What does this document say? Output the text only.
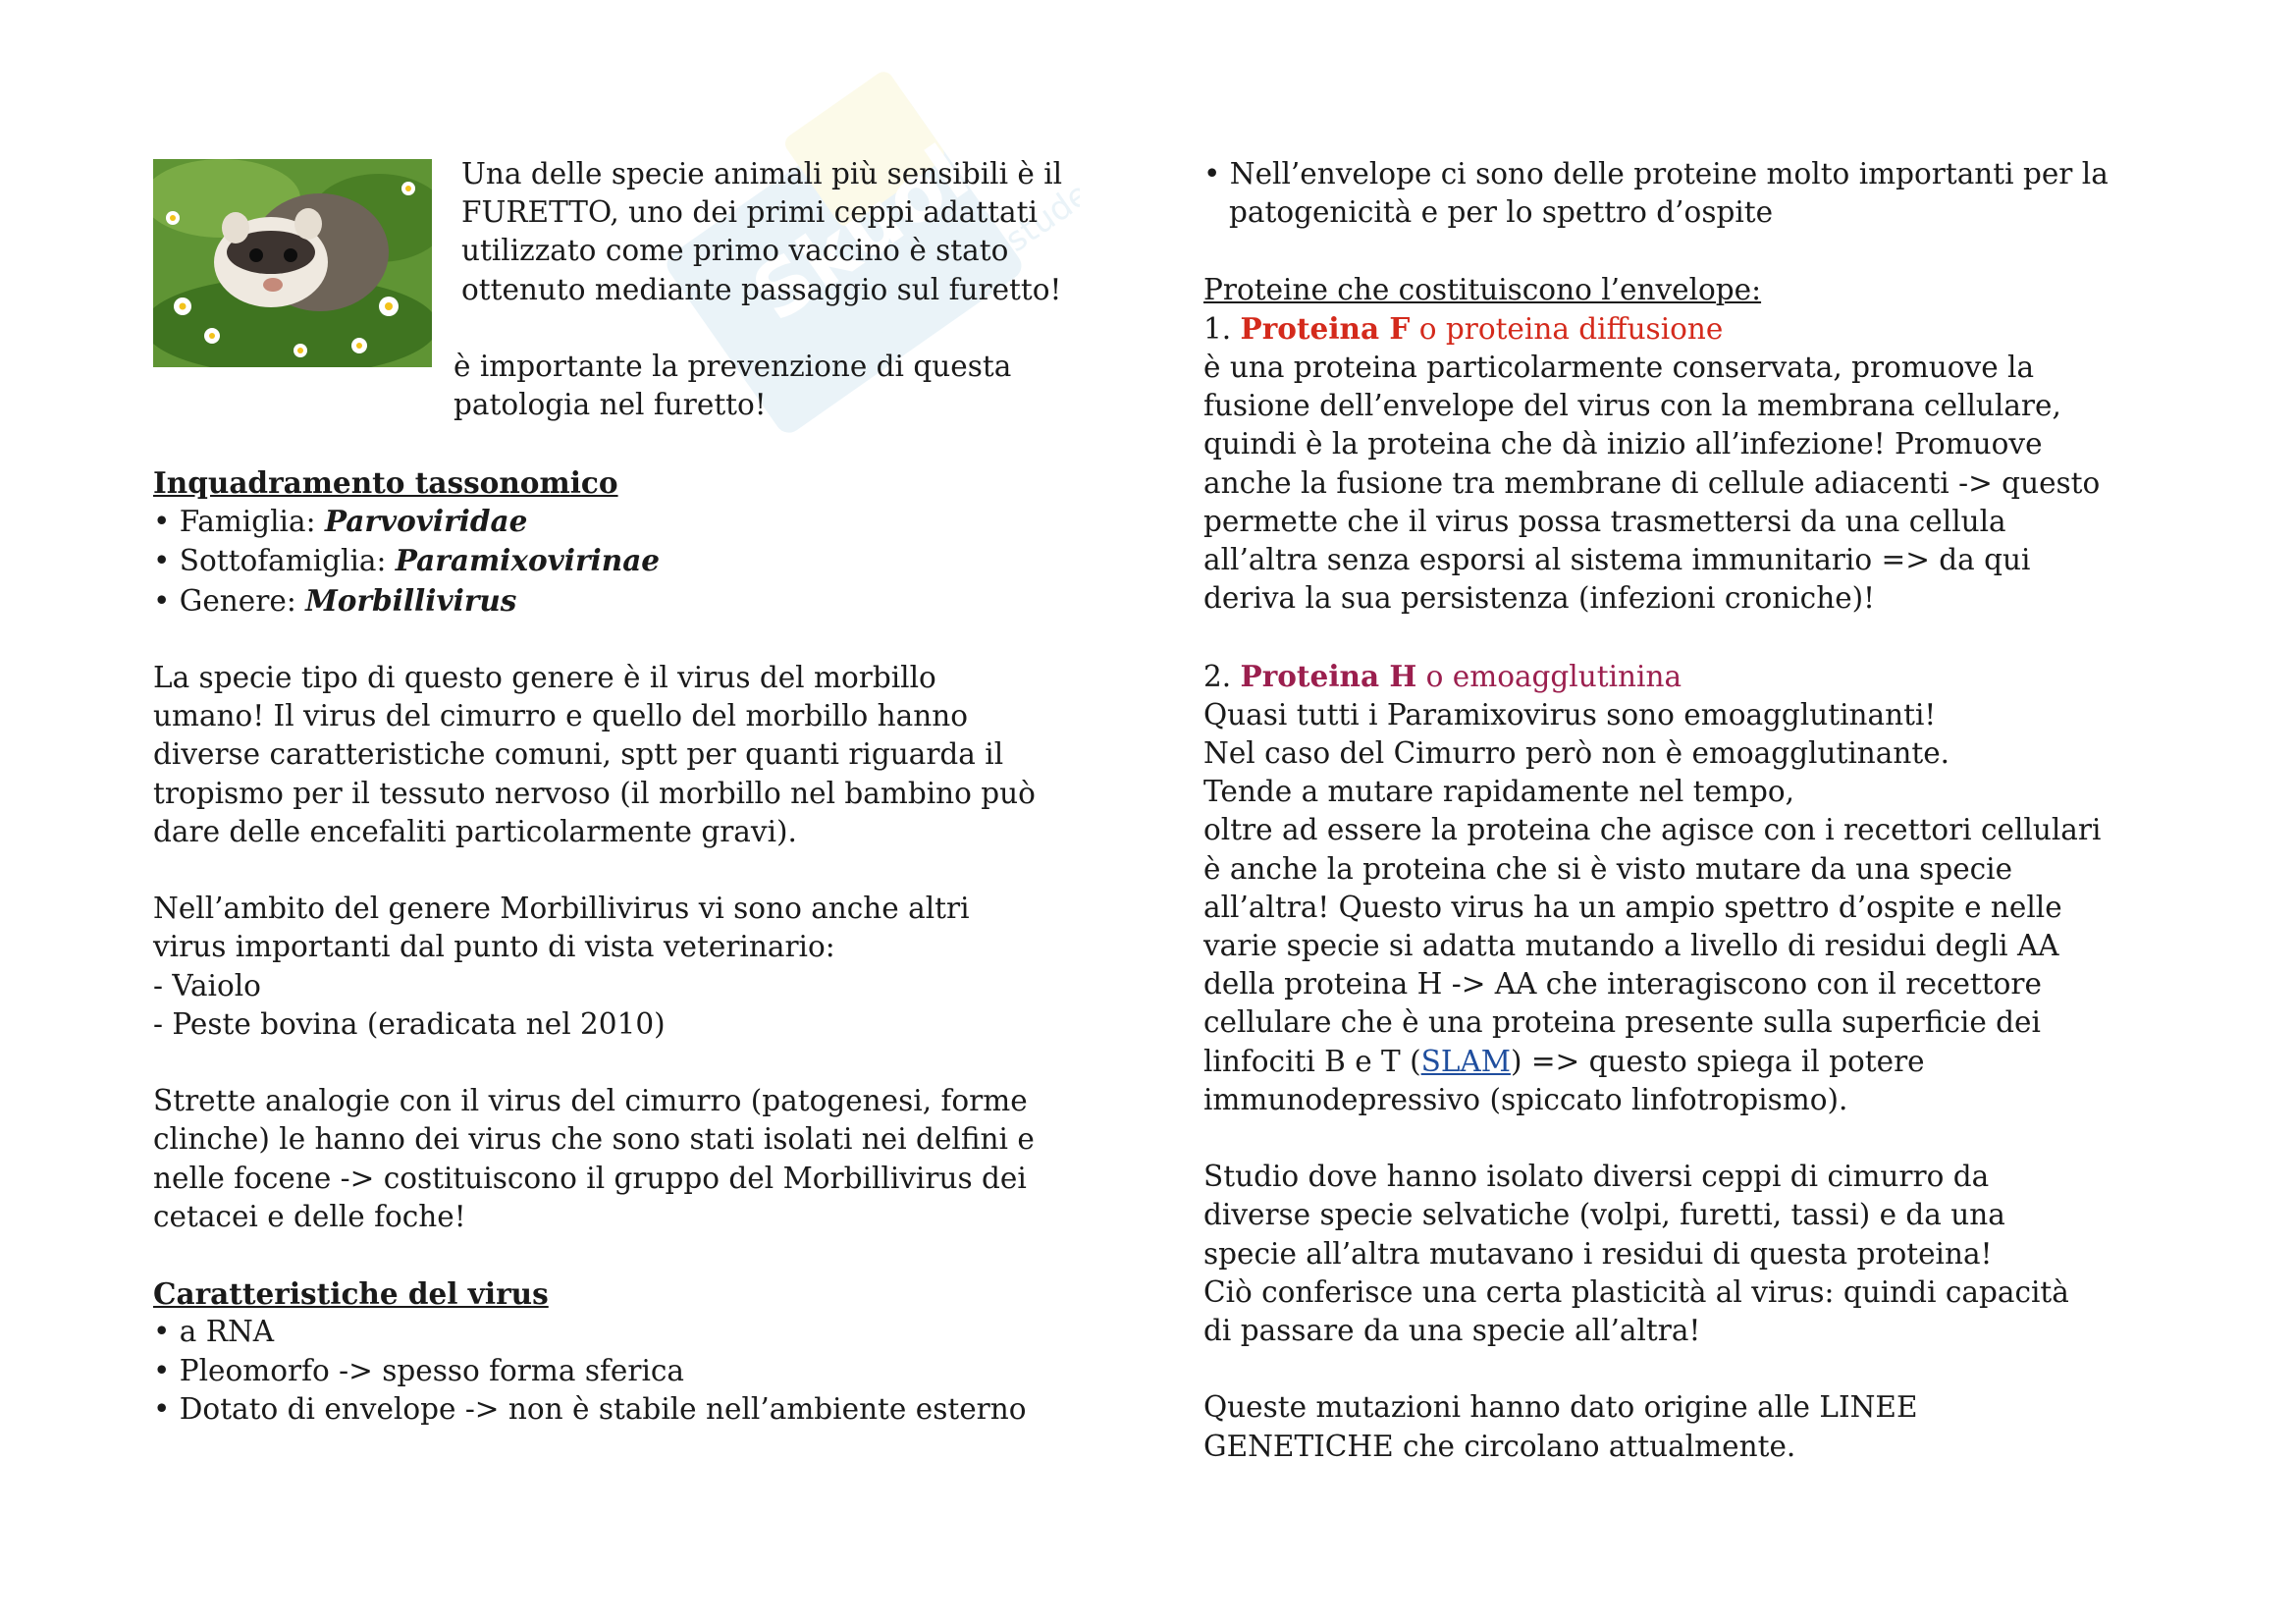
Skuola.net
il paradiso dello studente

Una delle specie animali più sensibili è il

FURETTO, uno dei primi ceppi adattati

utilizzato come primo vaccino è stato

ottenuto mediante passaggio sul furetto!

è importante la prevenzione di questa

patologia nel furetto!

Inquadramento tassonomico

• Famiglia: Parvoviridae

• Sottofamiglia: Paramixovirinae

• Genere: Morbillivirus

La specie tipo di questo genere è il virus del morbillo

umano! Il virus del cimurro e quello del morbillo hanno

diverse caratteristiche comuni, sptt per quanti riguarda il

tropismo per il tessuto nervoso (il morbillo nel bambino può

dare delle encefaliti particolarmente gravi).

Nell’ambito del genere Morbillivirus vi sono anche altri

virus importanti dal punto di vista veterinario:

- Vaiolo

- Peste bovina (eradicata nel 2010)

Strette analogie con il virus del cimurro (patogenesi, forme

clinche) le hanno dei virus che sono stati isolati nei delfini e

nelle focene -> costituiscono il gruppo del Morbillivirus dei

cetacei e delle foche!

Caratteristiche del virus

• a RNA

• Pleomorfo -> spesso forma sferica

• Dotato di envelope -> non è stabile nell’ambiente esterno

• Nell’envelope ci sono delle proteine molto importanti per la patogenicità e per lo spettro d’ospite

Proteine che costituiscono l’envelope:

1. Proteina F o proteina diffusione

è una proteina particolarmente conservata, promuove la

fusione dell’envelope del virus con la membrana cellulare,

quindi è la proteina che dà inizio all’infezione! Promuove

anche la fusione tra membrane di cellule adiacenti -> questo

permette che il virus possa trasmettersi da una cellula

all’altra senza esporsi al sistema immunitario => da qui

deriva la sua persistenza (infezioni croniche)!

2. Proteina H o emoagglutinina

Quasi tutti i Paramixovirus sono emoagglutinanti!

Nel caso del Cimurro però non è emoagglutinante.

Tende a mutare rapidamente nel tempo,

oltre ad essere la proteina che agisce con i recettori cellulari

è anche la proteina che si è visto mutare da una specie

all’altra! Questo virus ha un ampio spettro d’ospite e nelle

varie specie si adatta mutando a livello di residui degli AA

della proteina H -> AA che interagiscono con il recettore

cellulare che è una proteina presente sulla superficie dei

linfociti B e T (SLAM) => questo spiega il potere

immunodepressivo (spiccato linfotropismo).

Studio dove hanno isolato diversi ceppi di cimurro da

diverse specie selvatiche (volpi, furetti, tassi) e da una

specie all’altra mutavano i residui di questa proteina!

Ciò conferisce una certa plasticità al virus: quindi capacità

di passare da una specie all’altra!

Queste mutazioni hanno dato origine alle LINEE

GENETICHE che circolano attualmente.
